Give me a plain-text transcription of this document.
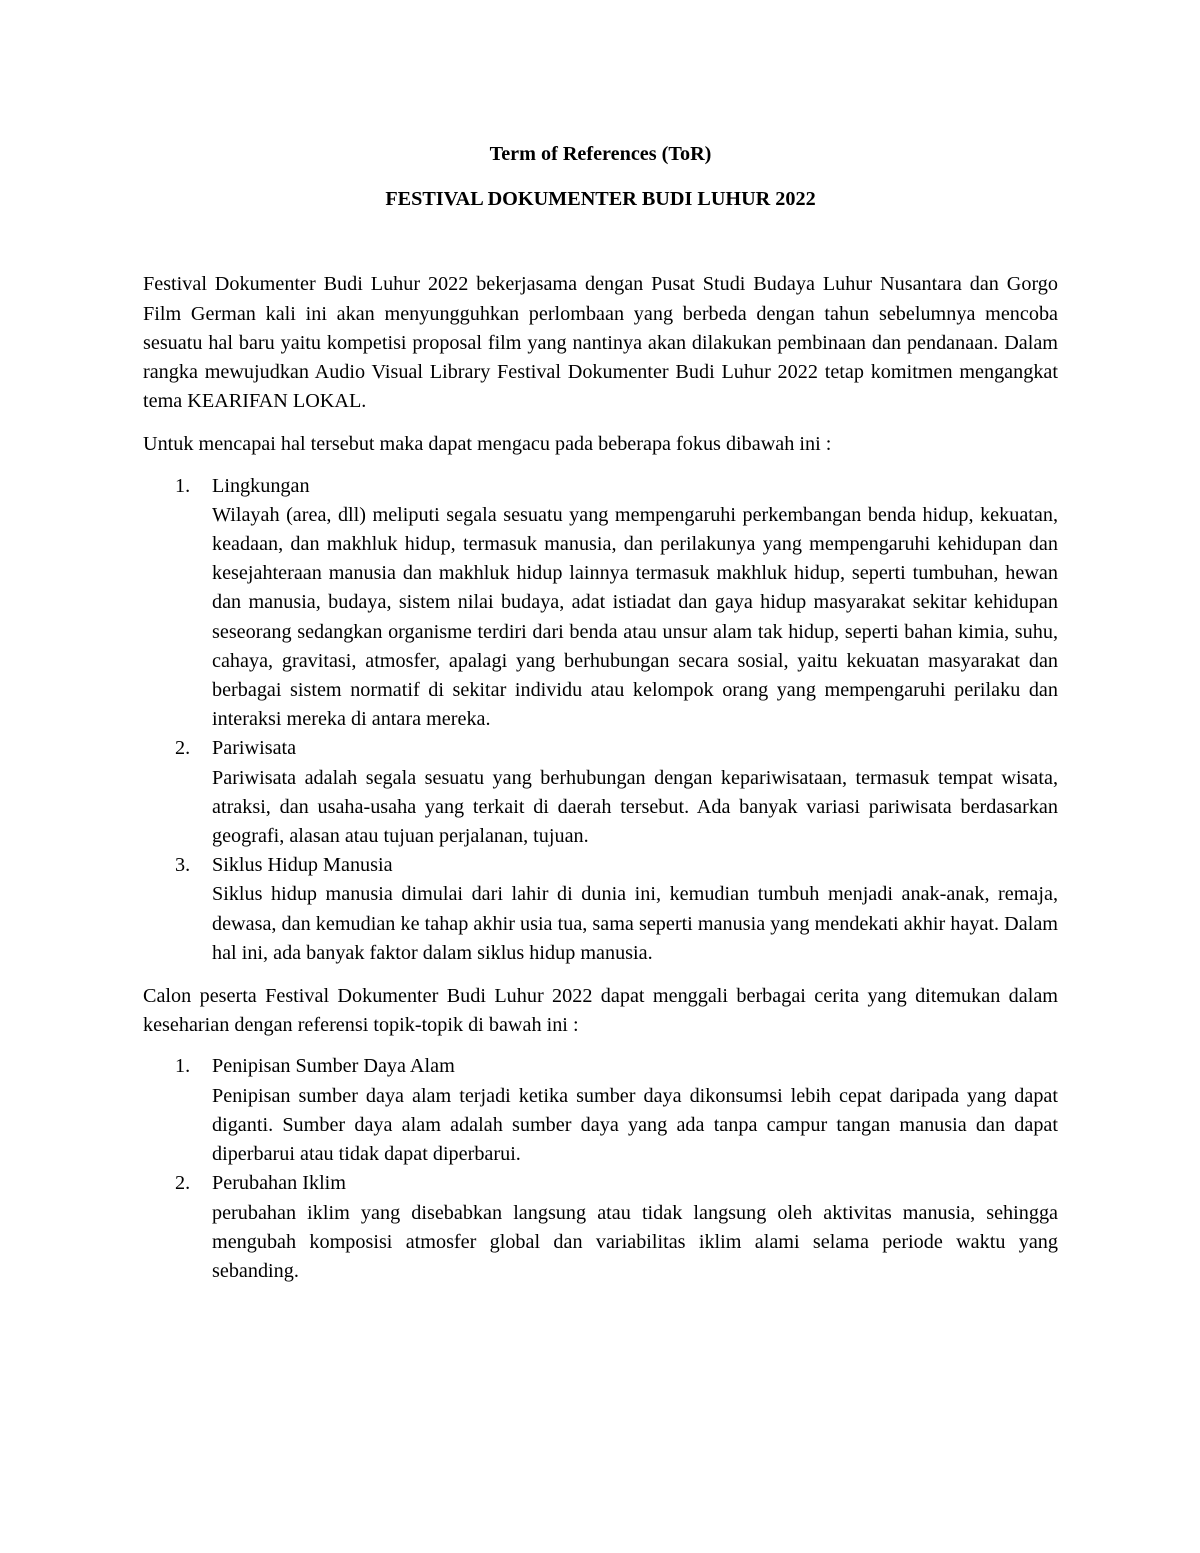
Term of References (ToR)

FESTIVAL DOKUMENTER BUDI LUHUR 2022

Festival Dokumenter Budi Luhur 2022 bekerjasama dengan Pusat Studi Budaya Luhur Nusantara dan Gorgo Film German kali ini akan menyungguhkan perlombaan yang berbeda dengan tahun sebelumnya mencoba sesuatu hal baru yaitu kompetisi proposal film yang nantinya akan dilakukan pembinaan dan pendanaan. Dalam rangka mewujudkan Audio Visual Library Festival Dokumenter Budi Luhur 2022 tetap komitmen mengangkat tema KEARIFAN LOKAL.

Untuk mencapai hal tersebut maka dapat mengacu pada beberapa fokus dibawah ini :

1. Lingkungan

Wilayah (area, dll) meliputi segala sesuatu yang mempengaruhi perkembangan benda hidup, kekuatan, keadaan, dan makhluk hidup, termasuk manusia, dan perilakunya yang mempengaruhi kehidupan dan kesejahteraan manusia dan makhluk hidup lainnya termasuk makhluk hidup, seperti tumbuhan, hewan dan manusia, budaya, sistem nilai budaya, adat istiadat dan gaya hidup masyarakat sekitar kehidupan seseorang sedangkan organisme terdiri dari benda atau unsur alam tak hidup, seperti bahan kimia, suhu, cahaya, gravitasi, atmosfer, apalagi yang berhubungan secara sosial, yaitu kekuatan masyarakat dan berbagai sistem normatif di sekitar individu atau kelompok orang yang mempengaruhi perilaku dan interaksi mereka di antara mereka.

2. Pariwisata

Pariwisata adalah segala sesuatu yang berhubungan dengan kepariwisataan, termasuk tempat wisata, atraksi, dan usaha-usaha yang terkait di daerah tersebut. Ada banyak variasi pariwisata berdasarkan geografi, alasan atau tujuan perjalanan, tujuan.

3. Siklus Hidup Manusia

Siklus hidup manusia dimulai dari lahir di dunia ini, kemudian tumbuh menjadi anak-anak, remaja, dewasa, dan kemudian ke tahap akhir usia tua, sama seperti manusia yang mendekati akhir hayat. Dalam hal ini, ada banyak faktor dalam siklus hidup manusia.

Calon peserta Festival Dokumenter Budi Luhur 2022 dapat menggali berbagai cerita yang ditemukan dalam keseharian dengan referensi topik-topik di bawah ini :

1. Penipisan Sumber Daya Alam

Penipisan sumber daya alam terjadi ketika sumber daya dikonsumsi lebih cepat daripada yang dapat diganti. Sumber daya alam adalah sumber daya yang ada tanpa campur tangan manusia dan dapat diperbarui atau tidak dapat diperbarui.

2. Perubahan Iklim

perubahan iklim yang disebabkan langsung atau tidak langsung oleh aktivitas manusia, sehingga mengubah komposisi atmosfer global dan variabilitas iklim alami selama periode waktu yang sebanding.
